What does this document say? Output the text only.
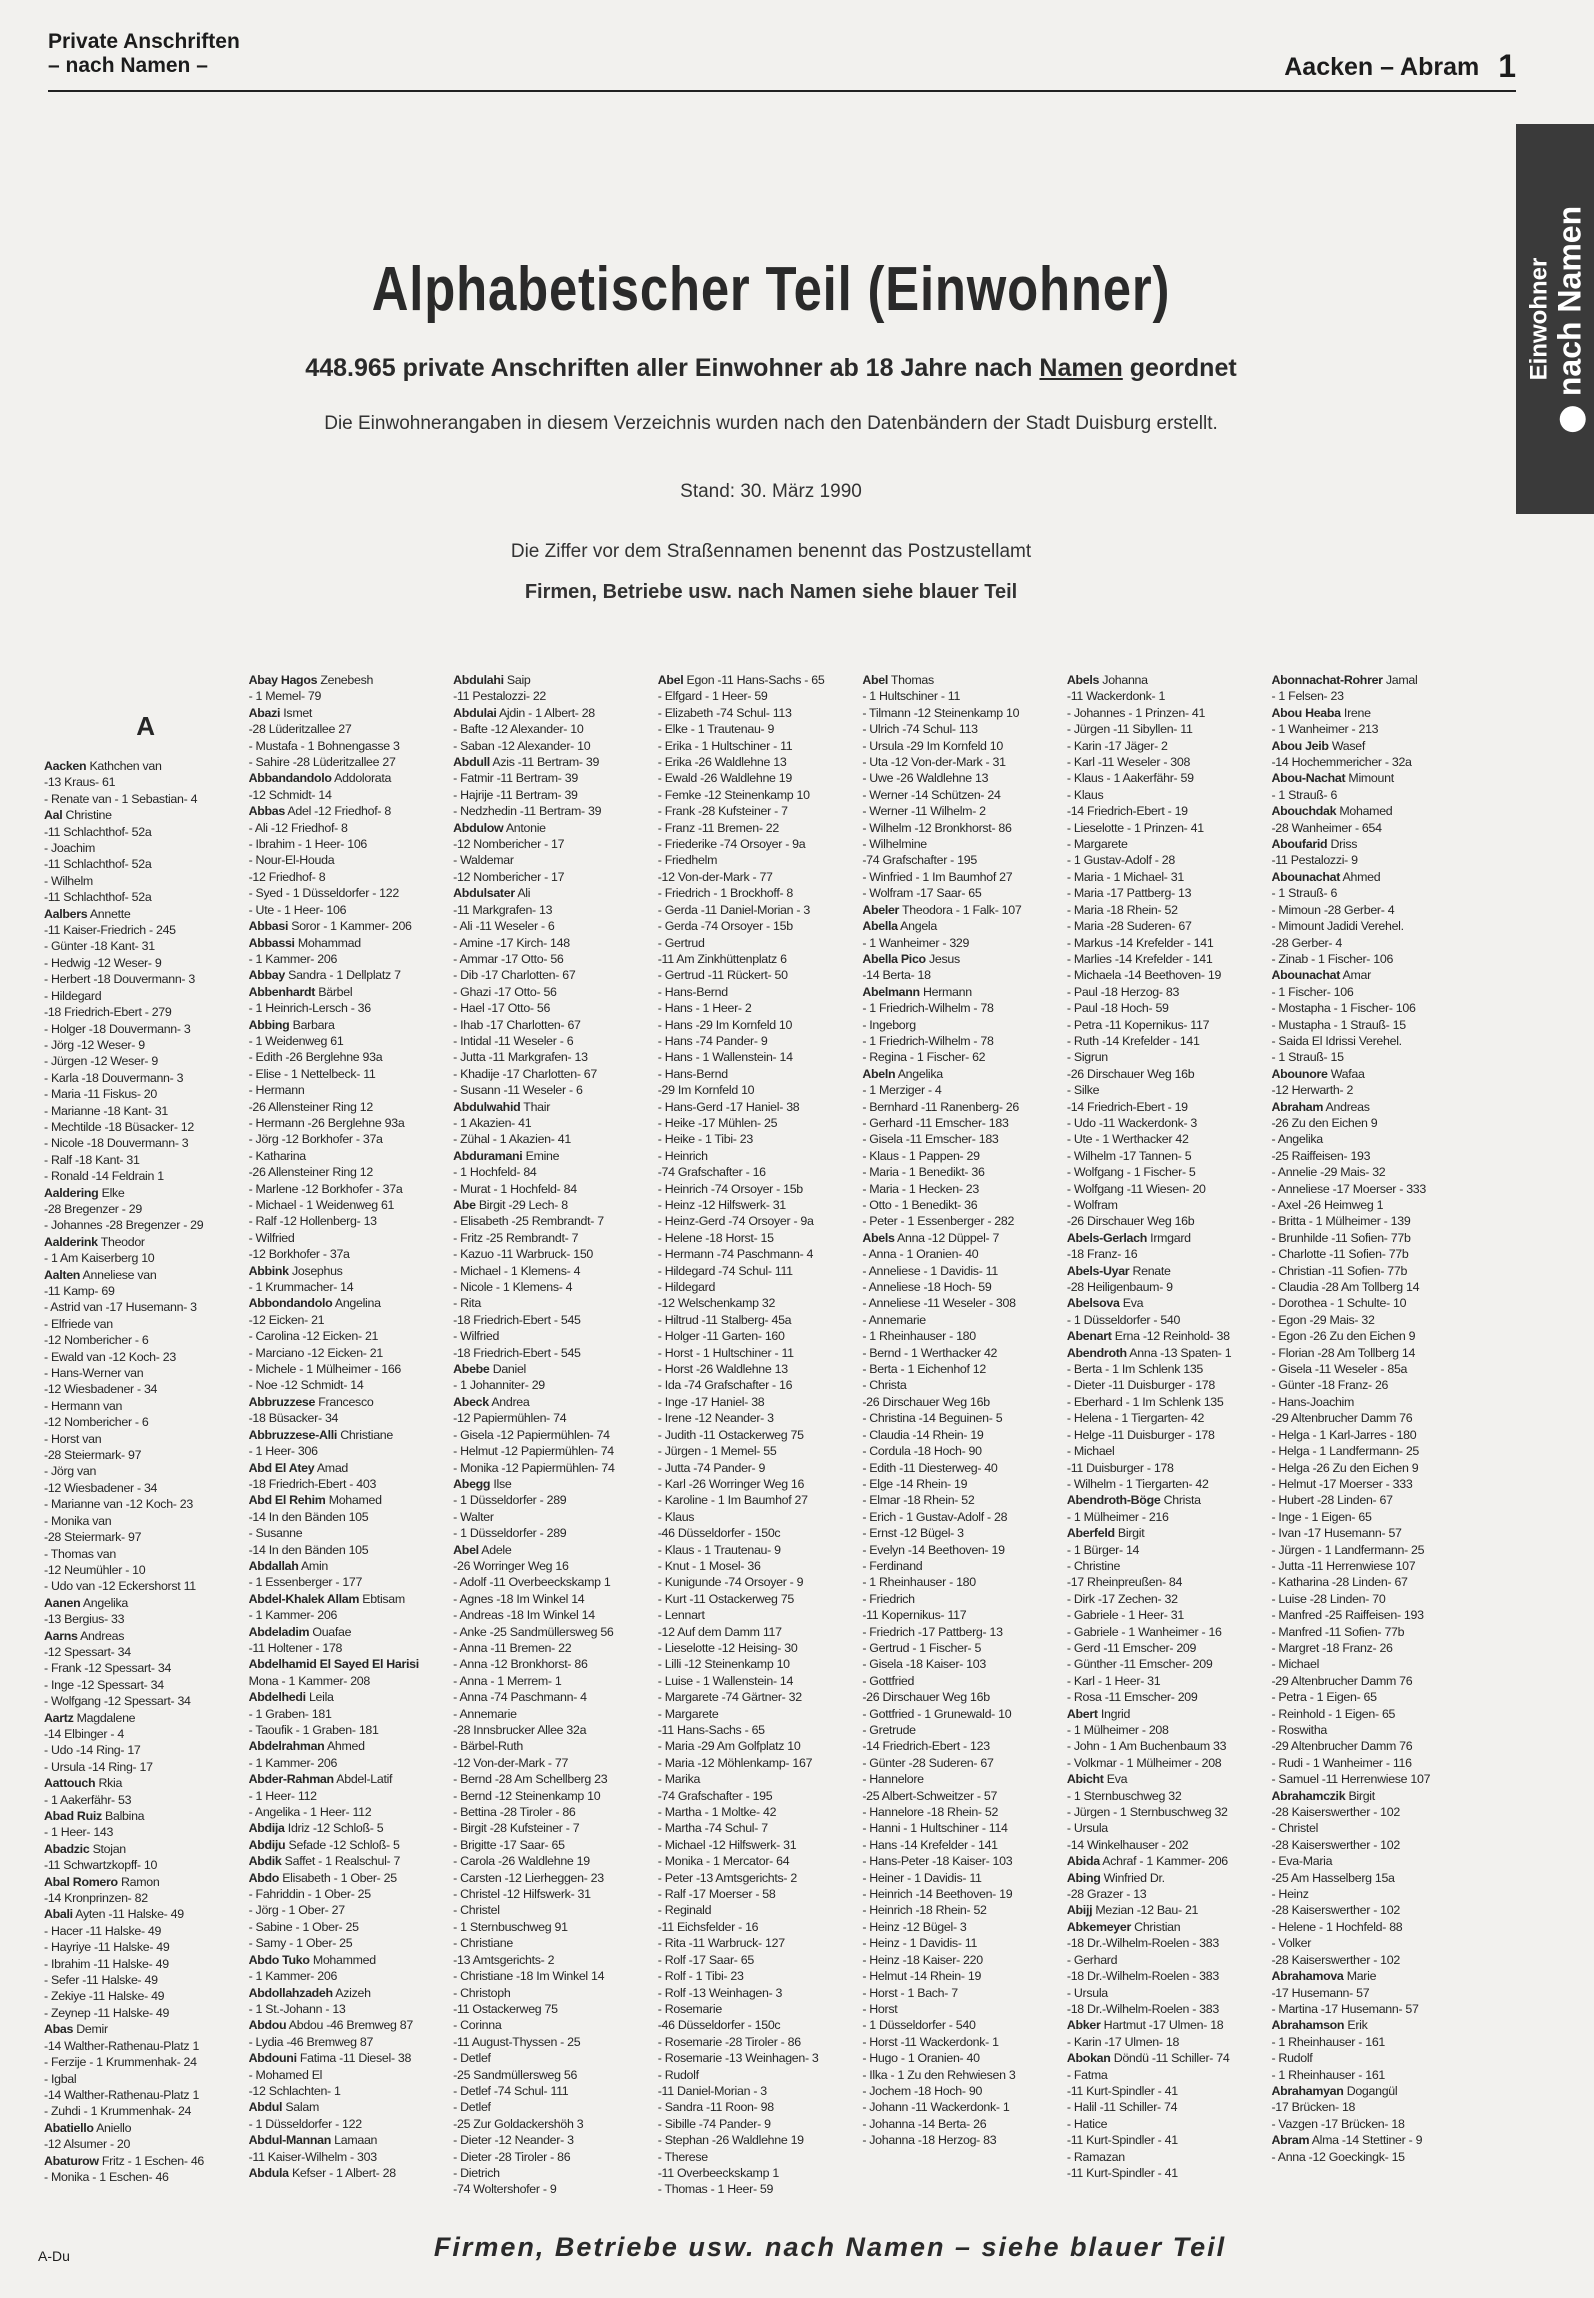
Private Anschriften
– nach Namen –	Aacken – Abram 1
Einwohner nach Namen
Alphabetischer Teil (Einwohner)
448.965 private Anschriften aller Einwohner ab 18 Jahre nach Namen geordnet
Die Einwohnerangaben in diesem Verzeichnis wurden nach den Datenbändern der Stadt Duisburg erstellt.
Stand: 30. März 1990
Die Ziffer vor dem Straßennamen benennt das Postzustellamt
Firmen, Betriebe usw. nach Namen siehe blauer Teil
A
Aacken Kathchen van
-13 Kraus- 61
- Renate van - 1 Sebastian- 4
Aal Christine
-11 Schlachthof- 52a
- Joachim
-11 Schlachthof- 52a
- Wilhelm
-11 Schlachthof- 52a
Aalbers Annette
-11 Kaiser-Friedrich - 245
- Günter -18 Kant- 31
- Hedwig -12 Weser- 9
- Herbert -18 Douvermann- 3
- Hildegard
-18 Friedrich-Ebert - 279
- Holger -18 Douvermann- 3
- Jörg -12 Weser- 9
- Jürgen -12 Weser- 9
- Karla -18 Douvermann- 3
- Maria -11 Fiskus- 20
- Marianne -18 Kant- 31
- Mechtilde -18 Büsacker- 12
- Nicole -18 Douvermann- 3
- Ralf -18 Kant- 31
- Ronald -14 Feldrain 1
Aaldering Elke
-28 Bregenzer - 29
- Johannes -28 Bregenzer - 29
Aalderink Theodor
- 1 Am Kaiserberg 10
Aalten Anneliese van
-11 Kamp- 69
- Astrid van -17 Husemann- 3
- Elfriede van
-12 Nombericher - 6
- Ewald van -12 Koch- 23
- Hans-Werner van
-12 Wiesbadener - 34
- Hermann van
-12 Nombericher - 6
- Horst van
-28 Steiermark- 97
- Jörg van
-12 Wiesbadener - 34
- Marianne van -12 Koch- 23
- Monika van
-28 Steiermark- 97
- Thomas van
-12 Neumühler - 10
- Udo van -12 Eckershorst 11
Aanen Angelika
-13 Bergius- 33
Aarns Andreas
-12 Spessart- 34
- Frank -12 Spessart- 34
- Inge -12 Spessart- 34
- Wolfgang -12 Spessart- 34
Aartz Magdalene
-14 Elbinger - 4
- Udo -14 Ring- 17
- Ursula -14 Ring- 17
Aattouch Rkia
- 1 Aakerfähr- 53
Abad Ruiz Balbina
- 1 Heer- 143
Abadzic Stojan
-11 Schwartzkopff- 10
Abal Romero Ramon
-14 Kronprinzen- 82
Abali Ayten -11 Halske- 49
- Hacer -11 Halske- 49
- Hayriye -11 Halske- 49
- Ibrahim -11 Halske- 49
- Sefer -11 Halske- 49
- Zekiye -11 Halske- 49
- Zeynep -11 Halske- 49
Abas Demir
-14 Walther-Rathenau-Platz 1
- Ferzije - 1 Krummenhak- 24
- Igbal
-14 Walther-Rathenau-Platz 1
- Zuhdi - 1 Krummenhak- 24
Abatiello Aniello
-12 Alsumer - 20
Abaturow Fritz - 1 Eschen- 46
- Monika - 1 Eschen- 46
Abay Hagos Zenebesh
- 1 Memel- 79
Abazi Ismet
-28 Lüderitzallee 27
- Mustafa - 1 Bohnengasse 3
- Sahire -28 Lüderitzallee 27
Abbandandolo Addolorata
-12 Schmidt- 14
Abbas Adel -12 Friedhof- 8
- Ali -12 Friedhof- 8
- Ibrahim - 1 Heer- 106
- Nour-El-Houda
-12 Friedhof- 8
- Syed - 1 Düsseldorfer - 122
- Ute - 1 Heer- 106
Abbasi Soror - 1 Kammer- 206
Abbassi Mohammad
- 1 Kammer- 206
Abbay Sandra - 1 Dellplatz 7
Abbenhardt Bärbel
- 1 Heinrich-Lersch - 36
Abbing Barbara
- 1 Weidenweg 61
- Edith -26 Berglehne 93a
- Elise - 1 Nettelbeck- 11
- Hermann
-26 Allensteiner Ring 12
- Hermann -26 Berglehne 93a
- Jörg -12 Borkhofer - 37a
- Katharina
-26 Allensteiner Ring 12
- Marlene -12 Borkhofer - 37a
- Michael - 1 Weidenweg 61
- Ralf -12 Hollenberg- 13
- Wilfried
-12 Borkhofer - 37a
Abbink Josephus
- 1 Krummacher- 14
Abbondandolo Angelina
-12 Eicken- 21
- Carolina -12 Eicken- 21
- Marciano -12 Eicken- 21
- Michele - 1 Mülheimer - 166
- Noe -12 Schmidt- 14
Abbruzzese Francesco
-18 Büsacker- 34
Abbruzzese-Alli Christiane
- 1 Heer- 306
Abd El Atey Amad
-18 Friedrich-Ebert - 403
Abd El Rehim Mohamed
-14 In den Bänden 105
- Susanne
-14 In den Bänden 105
Abdallah Amin
- 1 Essenberger - 177
Abdel-Khalek Allam Ebtisam
- 1 Kammer- 206
Abdeladim Ouafae
-11 Holtener - 178
Abdelhamid El Sayed El Harisi
Mona - 1 Kammer- 208
Abdelhedi Leila
- 1 Graben- 181
- Taoufik - 1 Graben- 181
Abdelrahman Ahmed
- 1 Kammer- 206
Abder-Rahman Abdel-Latif
- 1 Heer- 112
- Angelika - 1 Heer- 112
Abdija Idriz -12 Schloß- 5
Abdiju Sefade -12 Schloß- 5
Abdik Saffet - 1 Realschul- 7
Abdo Elisabeth - 1 Ober- 25
- Fahriddin - 1 Ober- 25
- Jörg - 1 Ober- 27
- Sabine - 1 Ober- 25
- Samy - 1 Ober- 25
Abdo Tuko Mohammed
- 1 Kammer- 206
Abdollahzadeh Azizeh
- 1 St.-Johann - 13
Abdou Abdou -46 Bremweg 87
- Lydia -46 Bremweg 87
Abdouni Fatima -11 Diesel- 38
- Mohamed El
-12 Schlachten- 1
Abdul Salam
- 1 Düsseldorfer - 122
Abdul-Mannan Lamaan
-11 Kaiser-Wilhelm - 303
Abdula Kefser - 1 Albert- 28
Abdulahi Saip
-11 Pestalozzi- 22
Abdulai Ajdin - 1 Albert- 28
- Bafte -12 Alexander- 10
- Saban -12 Alexander- 10
Abdull Azis -11 Bertram- 39
- Fatmir -11 Bertram- 39
- Hajrije -11 Bertram- 39
- Nedzhedin -11 Bertram- 39
Abdulow Antonie
-12 Nombericher - 17
- Waldemar
-12 Nombericher - 17
Abdulsater Ali
-11 Markgrafen- 13
- Ali -11 Weseler - 6
- Amine -17 Kirch- 148
- Ammar -17 Otto- 56
- Dib -17 Charlotten- 67
- Ghazi -17 Otto- 56
- Hael -17 Otto- 56
- Ihab -17 Charlotten- 67
- Intidal -11 Weseler - 6
- Jutta -11 Markgrafen- 13
- Khadije -17 Charlotten- 67
- Susann -11 Weseler - 6
Abdulwahid Thair
- 1 Akazien- 41
- Zühal - 1 Akazien- 41
Abduramani Emine
- 1 Hochfeld- 84
- Murat - 1 Hochfeld- 84
Abe Birgit -29 Lech- 8
- Elisabeth -25 Rembrandt- 7
- Fritz -25 Rembrandt- 7
- Kazuo -11 Warbruck- 150
- Michael - 1 Klemens- 4
- Nicole - 1 Klemens- 4
- Rita
-18 Friedrich-Ebert - 545
- Wilfried
-18 Friedrich-Ebert - 545
Abebe Daniel
- 1 Johanniter- 29
Abeck Andrea
-12 Papiermühlen- 74
- Gisela -12 Papiermühlen- 74
- Helmut -12 Papiermühlen- 74
- Monika -12 Papiermühlen- 74
Abegg Ilse
- 1 Düsseldorfer - 289
- Walter
- 1 Düsseldorfer - 289
Abel Adele
-26 Worringer Weg 16
- Adolf -11 Overbeeckskamp 1
- Agnes -18 Im Winkel 14
- Andreas -18 Im Winkel 14
- Anke -25 Sandmüllersweg 56
- Anna -11 Bremen- 22
- Anna -12 Bronkhorst- 86
- Anna - 1 Merrem- 1
- Anna -74 Paschmann- 4
- Annemarie
-28 Innsbrucker Allee 32a
- Bärbel-Ruth
-12 Von-der-Mark - 77
- Bernd -28 Am Schellberg 23
- Bernd -12 Steinenkamp 10
- Bettina -28 Tiroler - 86
- Birgit -28 Kufsteiner - 7
- Brigitte -17 Saar- 65
- Carola -26 Waldlehne 19
- Carsten -12 Lierheggen- 23
- Christel -12 Hilfswerk- 31
- Christel
- 1 Sternbuschweg 91
- Christiane
-13 Amtsgerichts- 2
- Christiane -18 Im Winkel 14
- Christoph
-11 Ostackerweg 75
- Corinna
-11 August-Thyssen - 25
- Detlef
-25 Sandmüllersweg 56
- Detlef -74 Schul- 111
- Detlef
-25 Zur Goldackershöh 3
- Dieter -12 Neander- 3
- Dieter -28 Tiroler - 86
- Dietrich
-74 Woltershofer - 9
Abel Egon -11 Hans-Sachs - 65
- Elfgard - 1 Heer- 59
- Elizabeth -74 Schul- 113
- Elke - 1 Trautenau- 9
- Erika - 1 Hultschiner - 11
- Erika -26 Waldlehne 13
- Ewald -26 Waldlehne 19
- Femke -12 Steinenkamp 10
- Frank -28 Kufsteiner - 7
- Franz -11 Bremen- 22
- Friederike -74 Orsoyer - 9a
- Friedhelm
-12 Von-der-Mark - 77
- Friedrich - 1 Brockhoff- 8
- Gerda -11 Daniel-Morian - 3
- Gerda -74 Orsoyer - 15b
- Gertrud
-11 Am Zinkhüttenplatz 6
- Gertrud -11 Rückert- 50
- Hans-Bernd
- Hans - 1 Heer- 2
- Hans -29 Im Kornfeld 10
- Hans -74 Pander- 9
- Hans - 1 Wallenstein- 14
- Hans-Bernd
-29 Im Kornfeld 10
- Hans-Gerd -17 Haniel- 38
- Heike -17 Mühlen- 25
- Heike - 1 Tibi- 23
- Heinrich
-74 Grafschafter - 16
- Heinrich -74 Orsoyer - 15b
- Heinz -12 Hilfswerk- 31
- Heinz-Gerd -74 Orsoyer - 9a
- Helene -18 Horst- 15
- Hermann -74 Paschmann- 4
- Hildegard -74 Schul- 111
- Hildegard
-12 Welschenkamp 32
- Hiltrud -11 Stalberg- 45a
- Holger -11 Garten- 160
- Horst - 1 Hultschiner - 11
- Horst -26 Waldlehne 13
- Ida -74 Grafschafter - 16
- Inge -17 Haniel- 38
- Irene -12 Neander- 3
- Judith -11 Ostackerweg 75
- Jürgen - 1 Memel- 55
- Jutta -74 Pander- 9
- Karl -26 Worringer Weg 16
- Karoline - 1 Im Baumhof 27
- Klaus
-46 Düsseldorfer - 150c
- Klaus - 1 Trautenau- 9
- Knut - 1 Mosel- 36
- Kunigunde -74 Orsoyer - 9
- Kurt -11 Ostackerweg 75
- Lennart
-12 Auf dem Damm 117
- Lieselotte -12 Heising- 30
- Lilli -12 Steinenkamp 10
- Luise - 1 Wallenstein- 14
- Margarete -74 Gärtner- 32
- Margarete
-11 Hans-Sachs - 65
- Maria -29 Am Golfplatz 10
- Maria -12 Möhlenkamp- 167
- Marika
-74 Grafschafter - 195
- Martha - 1 Moltke- 42
- Martha -74 Schul- 7
- Michael -12 Hilfswerk- 31
- Monika - 1 Mercator- 64
- Peter -13 Amtsgerichts- 2
- Ralf -17 Moerser - 58
- Reginald
-11 Eichsfelder - 16
- Rita -11 Warbruck- 127
- Rolf -17 Saar- 65
- Rolf - 1 Tibi- 23
- Rolf -13 Weinhagen- 3
- Rosemarie
-46 Düsseldorfer - 150c
- Rosemarie -28 Tiroler - 86
- Rosemarie -13 Weinhagen- 3
- Rudolf
-11 Daniel-Morian - 3
- Sandra -11 Roon- 98
- Sibille -74 Pander- 9
- Stephan -26 Waldlehne 19
- Therese
-11 Overbeeckskamp 1
- Thomas - 1 Heer- 59
Abel Thomas
- 1 Hultschiner - 11
- Tilmann -12 Steinenkamp 10
- Ulrich -74 Schul- 113
- Ursula -29 Im Kornfeld 10
- Uta -12 Von-der-Mark - 31
- Uwe -26 Waldlehne 13
- Werner -14 Schützen- 24
- Werner -11 Wilhelm- 2
- Wilhelm -12 Bronkhorst- 86
- Wilhelmine
-74 Grafschafter - 195
- Winfried - 1 Im Baumhof 27
- Wolfram -17 Saar- 65
Abeler Theodora - 1 Falk- 107
Abella Angela
- 1 Wanheimer - 329
Abella Pico Jesus
-14 Berta- 18
Abelmann Hermann
- 1 Friedrich-Wilhelm - 78
- Ingeborg
- 1 Friedrich-Wilhelm - 78
- Regina - 1 Fischer- 62
Abeln Angelika
- 1 Merziger - 4
- Bernhard -11 Ranenberg- 26
- Gerhard -11 Emscher- 183
- Gisela -11 Emscher- 183
- Klaus - 1 Pappen- 29
- Maria - 1 Benedikt- 36
- Maria - 1 Hecken- 23
- Otto - 1 Benedikt- 36
- Peter - 1 Essenberger - 282
Abels Anna -12 Düppel- 7
- Anna - 1 Oranien- 40
- Anneliese - 1 Davidis- 11
- Anneliese -18 Hoch- 59
- Anneliese -11 Weseler - 308
- Annemarie
- 1 Rheinhauser - 180
- Bernd - 1 Werthacker 42
- Berta - 1 Eichenhof 12
- Christa
-26 Dirschauer Weg 16b
- Christina -14 Beguinen- 5
- Claudia -14 Rhein- 19
- Cordula -18 Hoch- 90
- Edith -11 Diesterweg- 40
- Elge -14 Rhein- 19
- Elmar -18 Rhein- 52
- Erich - 1 Gustav-Adolf - 28
- Ernst -12 Bügel- 3
- Evelyn -14 Beethoven- 19
- Ferdinand
- 1 Rheinhauser - 180
- Friedrich
-11 Kopernikus- 117
- Friedrich -17 Pattberg- 13
- Gertrud - 1 Fischer- 5
- Gisela -18 Kaiser- 103
- Gottfried
-26 Dirschauer Weg 16b
- Gottfried - 1 Grunewald- 10
- Gretrude
-14 Friedrich-Ebert - 123
- Günter -28 Suderen- 67
- Hannelore
-25 Albert-Schweitzer - 57
- Hannelore -18 Rhein- 52
- Hanni - 1 Hultschiner - 114
- Hans -14 Krefelder - 141
- Hans-Peter -18 Kaiser- 103
- Heiner - 1 Davidis- 11
- Heinrich -14 Beethoven- 19
- Heinrich -18 Rhein- 52
- Heinz -12 Bügel- 3
- Heinz - 1 Davidis- 11
- Heinz -18 Kaiser- 220
- Helmut -14 Rhein- 19
- Horst - 1 Bach- 7
- Horst
- 1 Düsseldorfer - 540
- Horst -11 Wackerdonk- 1
- Hugo - 1 Oranien- 40
- Ilka - 1 Zu den Rehwiesen 3
- Jochem -18 Hoch- 90
- Johann -11 Wackerdonk- 1
- Johanna -14 Berta- 26
- Johanna -18 Herzog- 83
Abels Johanna
-11 Wackerdonk- 1
- Johannes - 1 Prinzen- 41
- Jürgen -11 Sibyllen- 11
- Karin -17 Jäger- 2
- Karl -11 Weseler - 308
- Klaus - 1 Aakerfähr- 59
- Klaus
-14 Friedrich-Ebert - 19
- Lieselotte - 1 Prinzen- 41
- Margarete
- 1 Gustav-Adolf - 28
- Maria - 1 Michael- 31
- Maria -17 Pattberg- 13
- Maria -18 Rhein- 52
- Maria -28 Suderen- 67
- Markus -14 Krefelder - 141
- Marlies -14 Krefelder - 141
- Michaela -14 Beethoven- 19
- Paul -18 Herzog- 83
- Paul -18 Hoch- 59
- Petra -11 Kopernikus- 117
- Ruth -14 Krefelder - 141
- Sigrun
-26 Dirschauer Weg 16b
- Silke
-14 Friedrich-Ebert - 19
- Udo -11 Wackerdonk- 3
- Ute - 1 Werthacker 42
- Wilhelm -17 Tannen- 5
- Wolfgang - 1 Fischer- 5
- Wolfgang -11 Wiesen- 20
- Wolfram
-26 Dirschauer Weg 16b
Abels-Gerlach Irmgard
-18 Franz- 16
Abels-Uyar Renate
-28 Heiligenbaum- 9
Abelsova Eva
- 1 Düsseldorfer - 540
Abenart Erna -12 Reinhold- 38
Abendroth Anna -13 Spaten- 1
- Berta - 1 Im Schlenk 135
- Dieter -11 Duisburger - 178
- Eberhard - 1 Im Schlenk 135
- Helena - 1 Tiergarten- 42
- Helge -11 Duisburger - 178
- Michael
-11 Duisburger - 178
- Wilhelm - 1 Tiergarten- 42
Abendroth-Böge Christa
- 1 Mülheimer - 216
Aberfeld Birgit
- 1 Bürger- 14
- Christine
-17 Rheinpreußen- 84
- Dirk -17 Zechen- 32
- Gabriele - 1 Heer- 31
- Gabriele - 1 Wanheimer - 16
- Gerd -11 Emscher- 209
- Günther -11 Emscher- 209
- Karl - 1 Heer- 31
- Rosa -11 Emscher- 209
Abert Ingrid
- 1 Mülheimer - 208
- John - 1 Am Buchenbaum 33
- Volkmar - 1 Mülheimer - 208
Abicht Eva
- 1 Sternbuschweg 32
- Jürgen - 1 Sternbuschweg 32
- Ursula
-14 Winkelhauser - 202
Abida Achraf - 1 Kammer- 206
Abing Winfried Dr.
-28 Grazer - 13
Abijj Mezian -12 Bau- 21
Abkemeyer Christian
-18 Dr.-Wilhelm-Roelen - 383
- Gerhard
-18 Dr.-Wilhelm-Roelen - 383
- Ursula
-18 Dr.-Wilhelm-Roelen - 383
Abker Hartmut -17 Ulmen- 18
- Karin -17 Ulmen- 18
Abokan Döndü -11 Schiller- 74
- Fatma
-11 Kurt-Spindler - 41
- Halil -11 Schiller- 74
- Hatice
-11 Kurt-Spindler - 41
- Ramazan
-11 Kurt-Spindler - 41
Abonnachat-Rohrer Jamal
- 1 Felsen- 23
Abou Heaba Irene
- 1 Wanheimer - 213
Abou Jeib Wasef
-14 Hochemmericher - 32a
Abou-Nachat Mimount
- 1 Strauß- 6
Abouchdak Mohamed
-28 Wanheimer - 654
Aboufarid Driss
-11 Pestalozzi- 9
Abounachat Ahmed
- 1 Strauß- 6
- Mimoun -28 Gerber- 4
- Mimount Jadidi Verehel.
-28 Gerber- 4
- Zinab - 1 Fischer- 106
Abounachat Amar
- 1 Fischer- 106
- Mostapha - 1 Fischer- 106
- Mustapha - 1 Strauß- 15
- Saida El Idrissi Verehel.
- 1 Strauß- 15
Abounore Wafaa
-12 Herwarth- 2
Abraham Andreas
-26 Zu den Eichen 9
- Angelika
-25 Raiffeisen- 193
- Annelie -29 Mais- 32
- Anneliese -17 Moerser - 333
- Axel -26 Heimweg 1
- Britta - 1 Mülheimer - 139
- Brunhilde -11 Sofien- 77b
- Charlotte -11 Sofien- 77b
- Christian -11 Sofien- 77b
- Claudia -28 Am Tollberg 14
- Dorothea - 1 Schulte- 10
- Egon -29 Mais- 32
- Egon -26 Zu den Eichen 9
- Florian -28 Am Tollberg 14
- Gisela -11 Weseler - 85a
- Günter -18 Franz- 26
- Hans-Joachim
-29 Altenbrucher Damm 76
- Helga - 1 Karl-Jarres - 180
- Helga - 1 Landfermann- 25
- Helga -26 Zu den Eichen 9
- Helmut -17 Moerser - 333
- Hubert -28 Linden- 67
- Inge - 1 Eigen- 65
- Ivan -17 Husemann- 57
- Jürgen - 1 Landfermann- 25
- Jutta -11 Herrenwiese 107
- Katharina -28 Linden- 67
- Luise -28 Linden- 70
- Manfred -25 Raiffeisen- 193
- Manfred -11 Sofien- 77b
- Margret -18 Franz- 26
- Michael
-29 Altenbrucher Damm 76
- Petra - 1 Eigen- 65
- Reinhold - 1 Eigen- 65
- Roswitha
-29 Altenbrucher Damm 76
- Rudi - 1 Wanheimer - 116
- Samuel -11 Herrenwiese 107
Abrahamczik Birgit
-28 Kaiserswerther - 102
- Christel
-28 Kaiserswerther - 102
- Eva-Maria
-25 Am Hasselberg 15a
- Heinz
-28 Kaiserswerther - 102
- Helene - 1 Hochfeld- 88
- Volker
-28 Kaiserswerther - 102
Abrahamova Marie
-17 Husemann- 57
- Martina -17 Husemann- 57
Abrahamson Erik
- 1 Rheinhauser - 161
- Rudolf
- 1 Rheinhauser - 161
Abrahamyan Dogangül
-17 Brücken- 18
- Vazgen -17 Brücken- 18
Abram Alma -14 Stettiner - 9
- Anna -12 Goeckingk- 15
A-Du	Firmen, Betriebe usw. nach Namen – siehe blauer Teil
